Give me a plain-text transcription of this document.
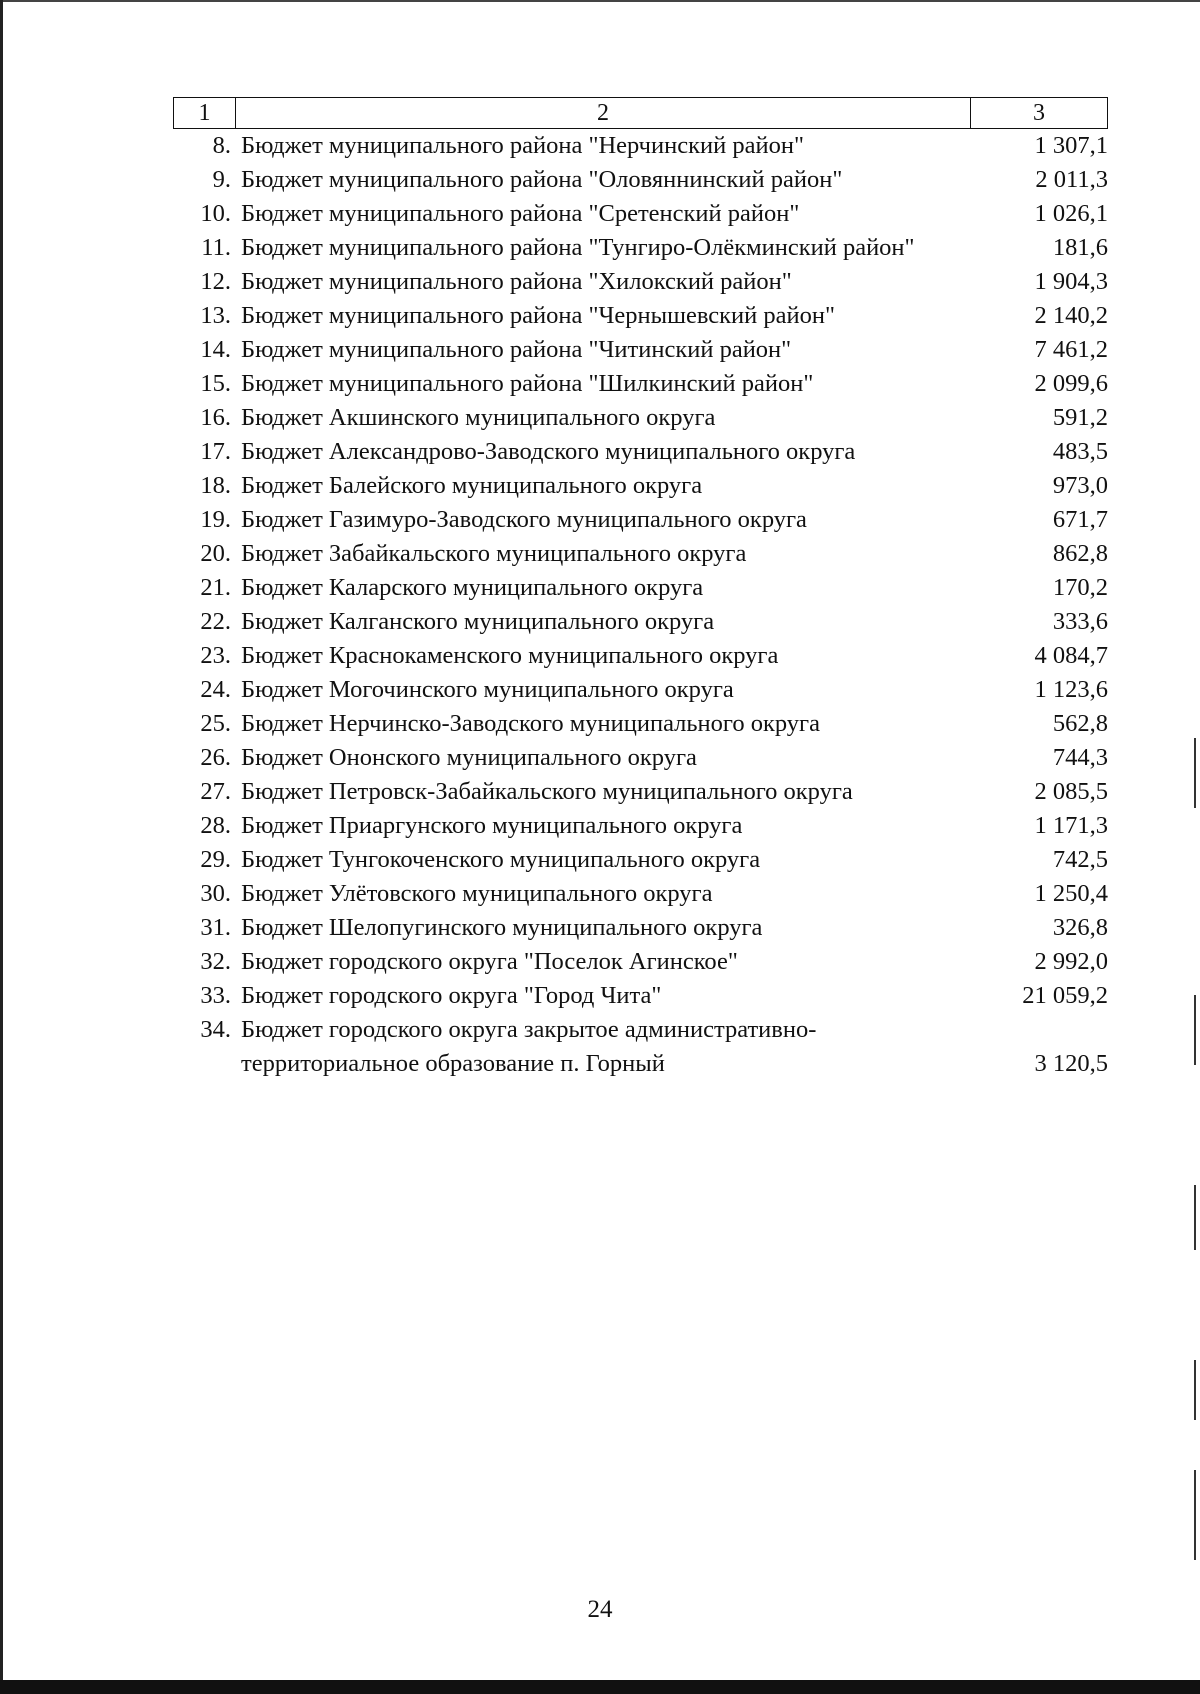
1	2	3
8. Бюджет муниципального района "Нерчинский район"	1 307,1
9. Бюджет муниципального района "Оловяннинский район"	2 011,3
10. Бюджет муниципального района "Сретенский район"	1 026,1
11. Бюджет муниципального района "Тунгиро-Олёкминский район"	181,6
12. Бюджет муниципального района "Хилокский район"	1 904,3
13. Бюджет муниципального района "Чернышевский район"	2 140,2
14. Бюджет муниципального района "Читинский район"	7 461,2
15. Бюджет муниципального района "Шилкинский район"	2 099,6
16. Бюджет Акшинского муниципального округа	591,2
17. Бюджет Александрово-Заводского муниципального округа	483,5
18. Бюджет Балейского муниципального округа	973,0
19. Бюджет Газимуро-Заводского муниципального округа	671,7
20. Бюджет Забайкальского муниципального округа	862,8
21. Бюджет Каларского муниципального округа	170,2
22. Бюджет Калганского муниципального округа	333,6
23. Бюджет Краснокаменского муниципального округа	4 084,7
24. Бюджет Могочинского муниципального округа	1 123,6
25. Бюджет Нерчинско-Заводского муниципального округа	562,8
26. Бюджет Ононского муниципального округа	744,3
27. Бюджет Петровск-Забайкальского муниципального округа	2 085,5
28. Бюджет Приаргунского муниципального округа	1 171,3
29. Бюджет Тунгокоченского муниципального округа	742,5
30. Бюджет Улётовского муниципального округа	1 250,4
31. Бюджет Шелопугинского муниципального округа	326,8
32. Бюджет городского округа "Поселок Агинское"	2 992,0
33. Бюджет городского округа "Город Чита"	21 059,2
34. Бюджет городского округа закрытое административно-
территориальное образование п. Горный	3 120,5
24
